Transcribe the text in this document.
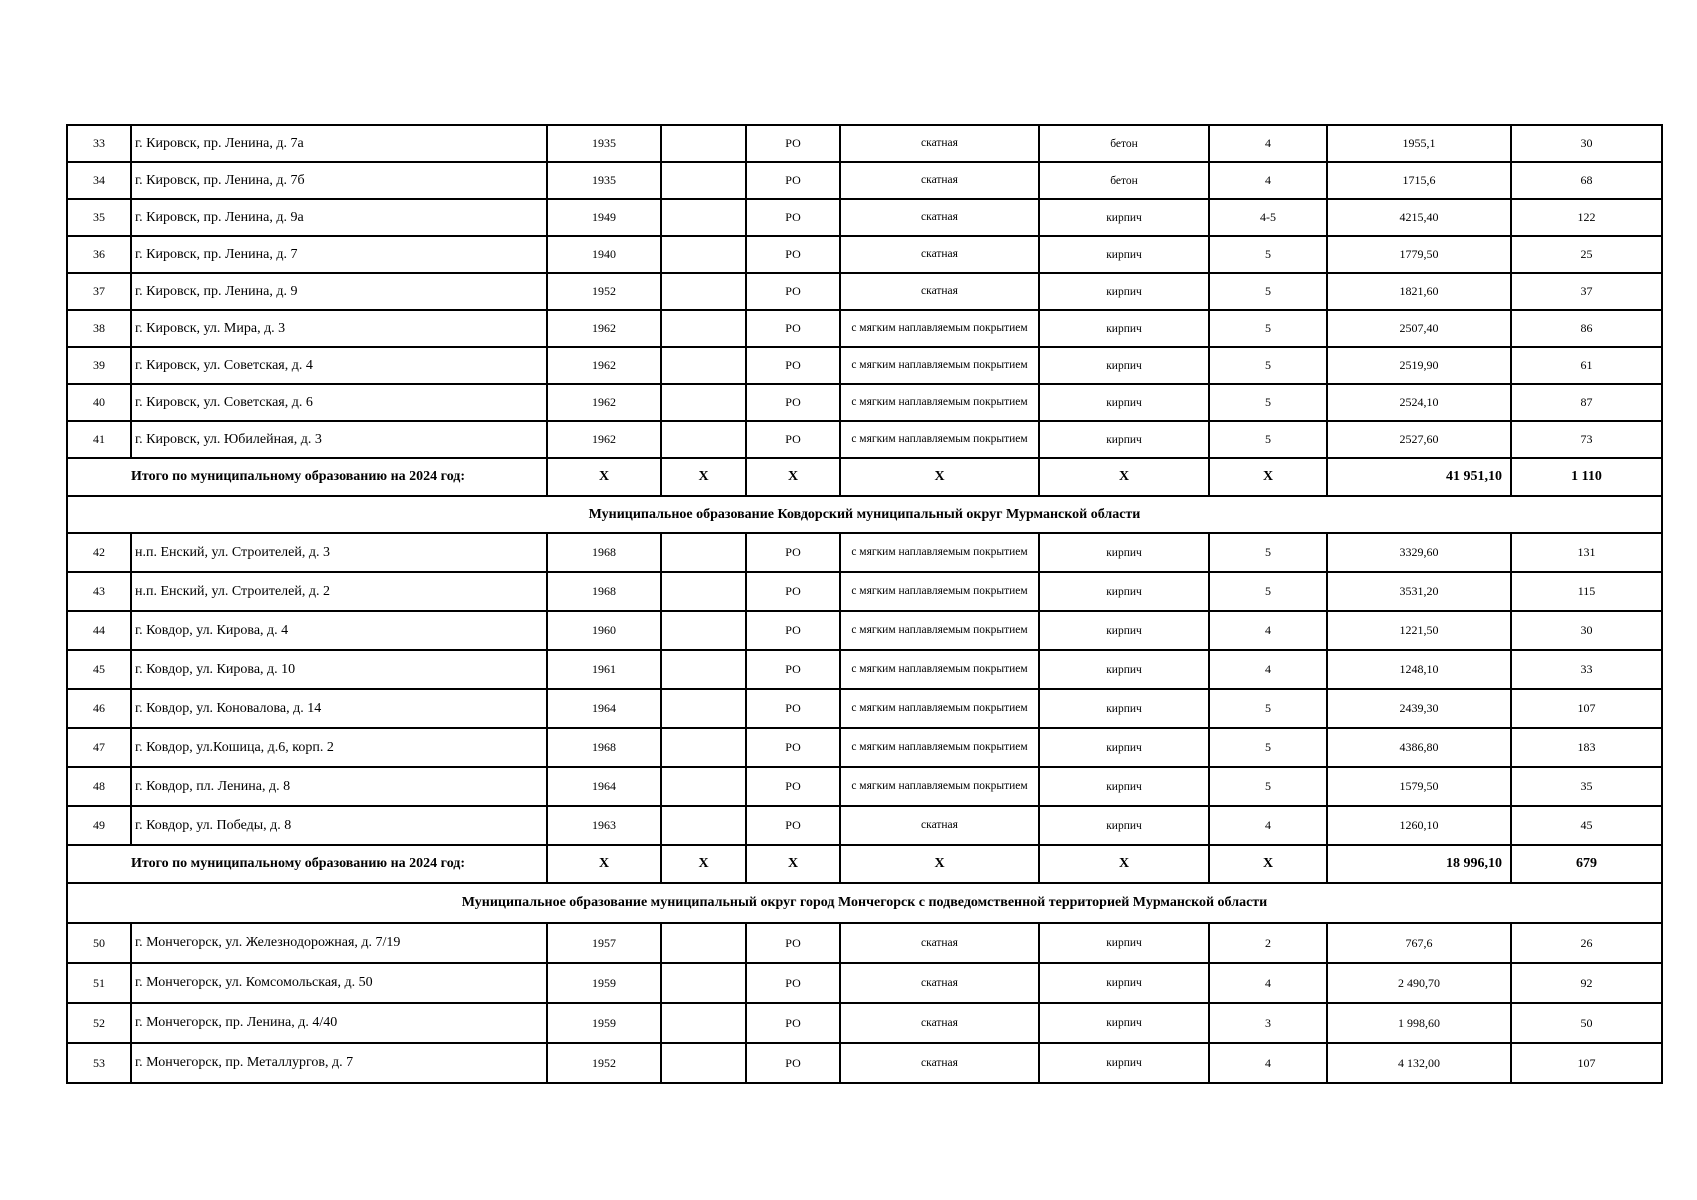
33	г. Кировск, пр. Ленина, д. 7а	1935		РО	скатная	бетон	4	1955,1	30
34	г. Кировск, пр. Ленина, д. 7б	1935		РО	скатная	бетон	4	1715,6	68
35	г. Кировск, пр. Ленина, д. 9а	1949		РО	скатная	кирпич	4-5	4215,40	122
36	г. Кировск, пр. Ленина, д. 7	1940		РО	скатная	кирпич	5	1779,50	25
37	г. Кировск, пр. Ленина, д. 9	1952		РО	скатная	кирпич	5	1821,60	37
38	г. Кировск, ул. Мира, д. 3	1962		РО	с мягким наплавляемым покрытием	кирпич	5	2507,40	86
39	г. Кировск, ул. Советская, д. 4	1962		РО	с мягким наплавляемым покрытием	кирпич	5	2519,90	61
40	г. Кировск, ул. Советская, д. 6	1962		РО	с мягким наплавляемым покрытием	кирпич	5	2524,10	87
41	г. Кировск, ул. Юбилейная, д. 3	1962		РО	с мягким наплавляемым покрытием	кирпич	5	2527,60	73
Итого по муниципальному образованию на 2024 год:		X	X	X	X	X	X	41 951,10	1 110
Муниципальное образование Ковдорский муниципальный округ Мурманской области									
42	н.п. Енский, ул. Строителей, д. 3	1968		РО	с мягким наплавляемым покрытием	кирпич	5	3329,60	131
43	н.п. Енский, ул. Строителей, д. 2	1968		РО	с мягким наплавляемым покрытием	кирпич	5	3531,20	115
44	г. Ковдор, ул. Кирова, д. 4	1960		РО	с мягким наплавляемым покрытием	кирпич	4	1221,50	30
45	г. Ковдор, ул. Кирова, д. 10	1961		РО	с мягким наплавляемым покрытием	кирпич	4	1248,10	33
46	г. Ковдор, ул. Коновалова, д. 14	1964		РО	с мягким наплавляемым покрытием	кирпич	5	2439,30	107
47	г. Ковдор, ул.Кошица, д.6, корп. 2	1968		РО	с мягким наплавляемым покрытием	кирпич	5	4386,80	183
48	г. Ковдор, пл. Ленина, д. 8	1964		РО	с мягким наплавляемым покрытием	кирпич	5	1579,50	35
49	г. Ковдор, ул. Победы, д. 8	1963		РО	скатная	кирпич	4	1260,10	45
Итого по муниципальному образованию на 2024 год:		X	X	X	X	X	X	18 996,10	679
Муниципальное образование муниципальный округ город Мончегорск с подведомственной территорией Мурманской области									
50	г. Мончегорск, ул. Железнодорожная, д. 7/19	1957		РО	скатная	кирпич	2	767,6	26
51	г. Мончегорск, ул. Комсомольская, д. 50	1959		РО	скатная	кирпич	4	2 490,70	92
52	г. Мончегорск, пр. Ленина, д. 4/40	1959		РО	скатная	кирпич	3	1 998,60	50
53	г. Мончегорск, пр. Металлургов, д. 7	1952		РО	скатная	кирпич	4	4 132,00	107
